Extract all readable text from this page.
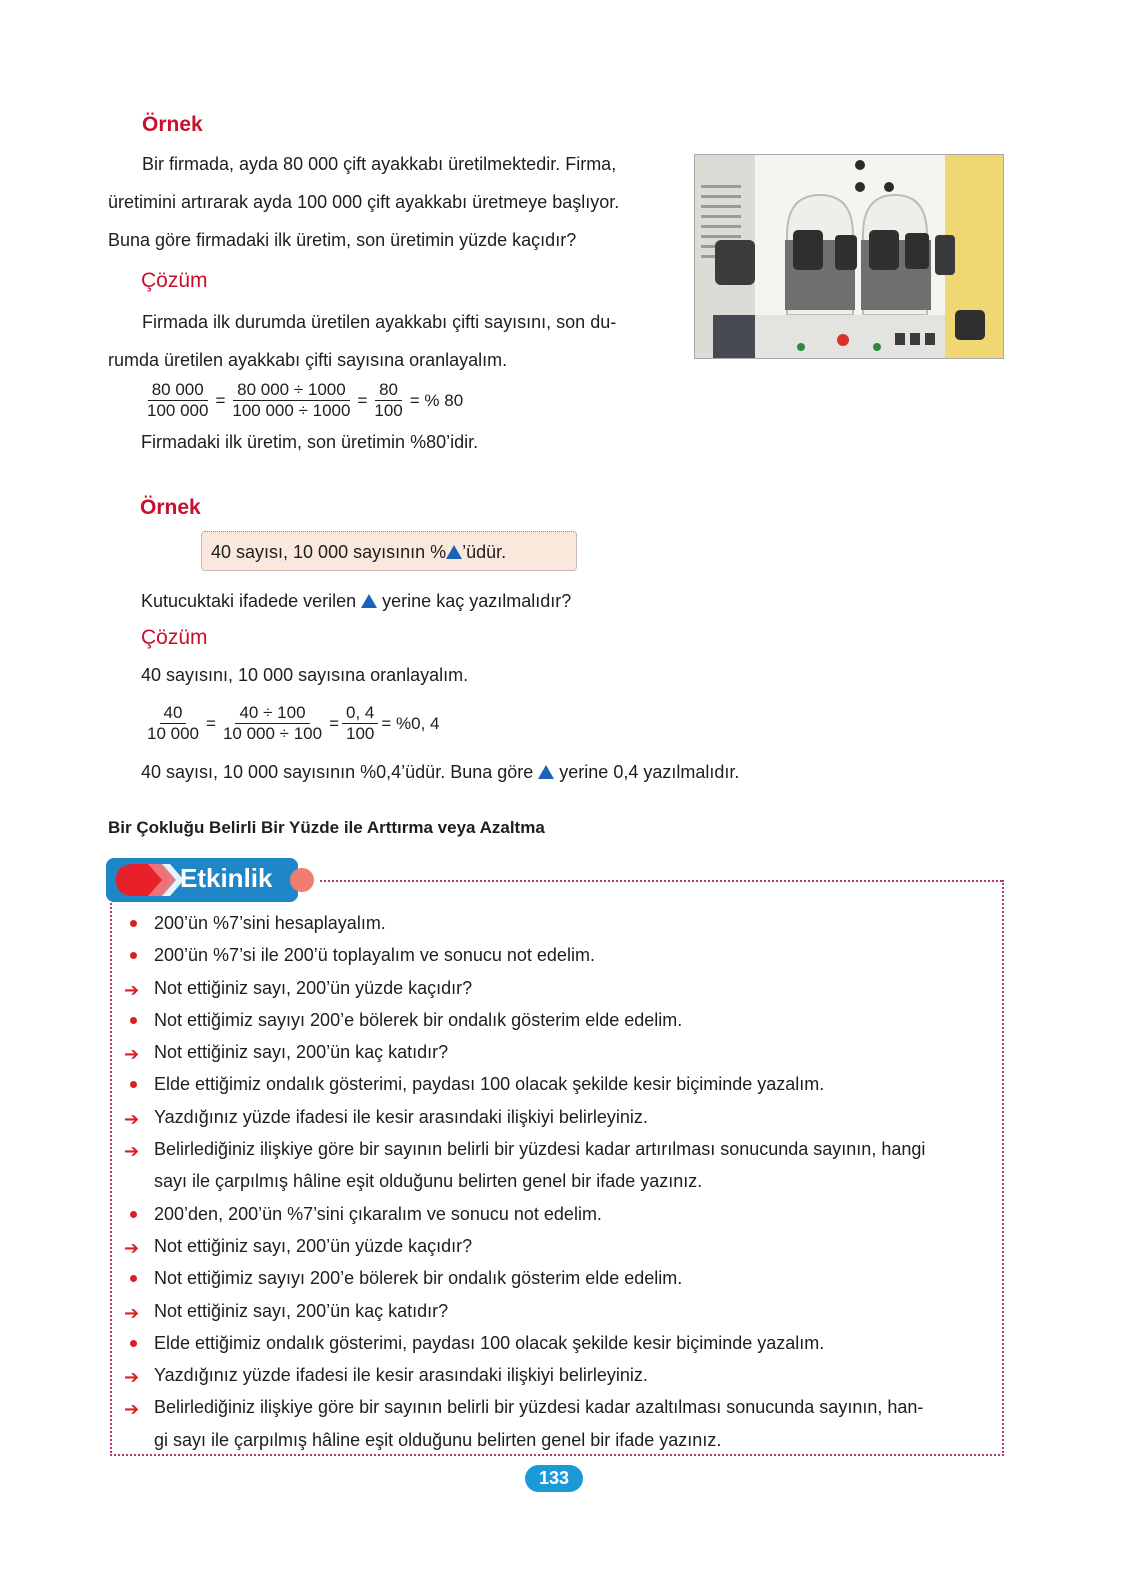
Örnek
Bir firmada, ayda 80 000 çift ayakkabı üretilmektedir. Firma,
üretimini artırarak ayda 100 000 çift ayakkabı üretmeye başlıyor.
Buna göre firmadaki ilk üretim, son üretimin yüzde kaçıdır?
Çözüm
Firmada ilk durumda üretilen ayakkabı çifti sayısını, son du-
rumda üretilen ayakkabı çifti sayısına oranlayalım.
$\frac{80 000}{100 000} = \frac{80 000 \div 1000}{100 000 \div 1000} = \frac{80}{100}$ = % 80
Firmadaki ilk üretim, son üretimin %80’idir.
Örnek
40 sayısı, 10 000 sayısının % ’üdür.
Kutucuktaki ifadede verilen yerine kaç yazılmalıdır?
Çözüm
40 sayısını, 10 000 sayısına oranlayalım.
$\frac{40}{10 000} = \frac{40 \div 100}{10 000 \div 100} = \frac{0, 4}{100} = \%0$, 4
40 sayısı, 10 000 sayısının %0,4’üdür. Buna göre yerine 0,4 yazılmalıdır.
Bir Çokluğu Belirli Bir Yüzde ile Arttırma veya Azaltma
Etkinlik
200’ün %7’sini hesaplayalım.
200’ün %7’si ile 200’ü toplayalım ve sonucu not edelim.
➔ Not ettiğiniz sayı, 200’ün yüzde kaçıdır?
Not ettiğimiz sayıyı 200’e bölerek bir ondalık gösterim elde edelim.
➔ Not ettiğiniz sayı, 200’ün kaç katıdır?
Elde ettiğimiz ondalık gösterimi, paydası 100 olacak şekilde kesir biçiminde yazalım.
➔ Yazdığınız yüzde ifadesi ile kesir arasındaki ilişkiyi belirleyiniz.
➔ Belirlediğiniz ilişkiye göre bir sayının belirli bir yüzdesi kadar artırılması sonucunda sayının, hangi
sayı ile çarpılmış hâline eşit olduğunu belirten genel bir ifade yazınız.
200’den, 200’ün %7’sini çıkaralım ve sonucu not edelim.
➔ Not ettiğiniz sayı, 200’ün yüzde kaçıdır?
Not ettiğimiz sayıyı 200’e bölerek bir ondalık gösterim elde edelim.
➔ Not ettiğiniz sayı, 200’ün kaç katıdır?
Elde ettiğimiz ondalık gösterimi, paydası 100 olacak şekilde kesir biçiminde yazalım.
➔ Yazdığınız yüzde ifadesi ile kesir arasındaki ilişkiyi belirleyiniz.
➔ Belirlediğiniz ilişkiye göre bir sayının belirli bir yüzdesi kadar azaltılması sonucunda sayının, han-
gi sayı ile çarpılmış hâline eşit olduğunu belirten genel bir ifade yazınız.
133
